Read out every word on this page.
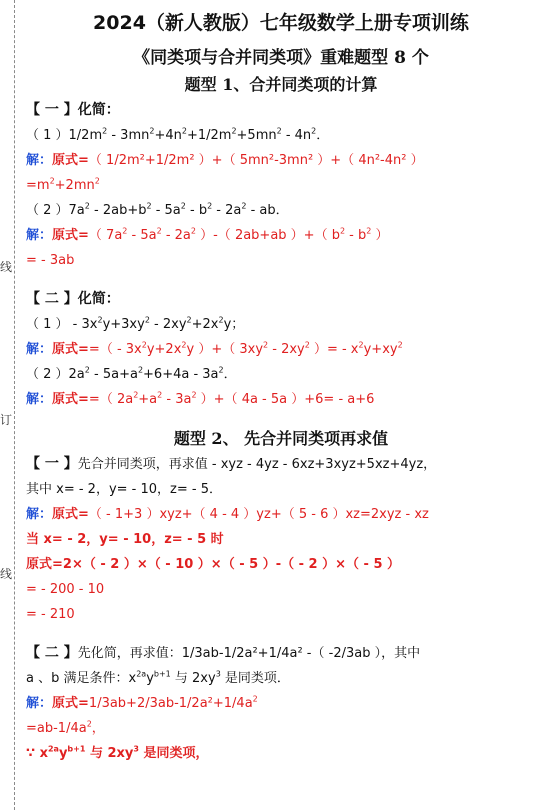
线
订
线
2024（新人教版）七年级数学上册专项训练
《同类项与合并同类项》重难题型 8 个
题型 1、合并同类项的计算
【 一 】化简：
（ 1 ）$1/2m^2 - 3mn^2+4n^2+1/2m^2+5mn^2 - 4n^2$．
解：原式=（ 1/2m²+1/2m² ）+（ 5mn²-3mn² ）+（ 4n²-4n² ）
$=m^2+2mn^2$
（ 2 ）$7a^2 - 2ab+b^2 - 5a^2 - b^2 - 2a^2$ - ab．
解：原式=（ $7a^2 - 5a^2 - 2a^2$ ）-（ 2ab+ab ）+（ $b^2 - b^2$ ）
= - 3ab
【 二 】化简：
（ 1 ） - $3x^2y+3xy^2 - 2xy^2+2x^2y$；
解：原式==（ - $3x^2y+2x^2y$ ）+（ $3xy^2 - 2xy^2$ ）= - $x^2y+xy^2$
（ 2 ）$2a^2 - 5a+a^2+6+4a - 3a^2$．
解：原式==（ $2a^2+a^2 - 3a^2$ ）+（ 4a - 5a ）+6= - a+6
题型 2、 先合并同类项再求值
【 一 】先合并同类项，再求值 - xyz - 4yz - 6xz+3xyz+5xz+4yz，
其中 x= - 2，y= - 10，z= - 5．
解：原式=（ - 1+3 ）xyz+（ 4 - 4 ）yz+（ 5 - 6 ）xz=2xyz - xz
当 x= - 2，y= - 10，z= - 5 时
原式=2×（ - 2 ）×（ - 10 ）×（ - 5 ）-（ - 2 ）×（ - 5 ）
= - 200 - 10
= - 210
【 二 】先化简，再求值：1/3ab-1/2a²+1/4a² -（ -2/3ab ），其中
a 、b 满足条件：$x^{2a}y^{b+1}$ 与 $2xy^3$ 是同类项．
解：原式$=1/3ab+2/3ab-1/2a^2+1/4a^2$
$=ab-1/4a^2$，
∵ $x^{2a}y^{b+1}$ 与 $2xy^3$ 是同类项，
